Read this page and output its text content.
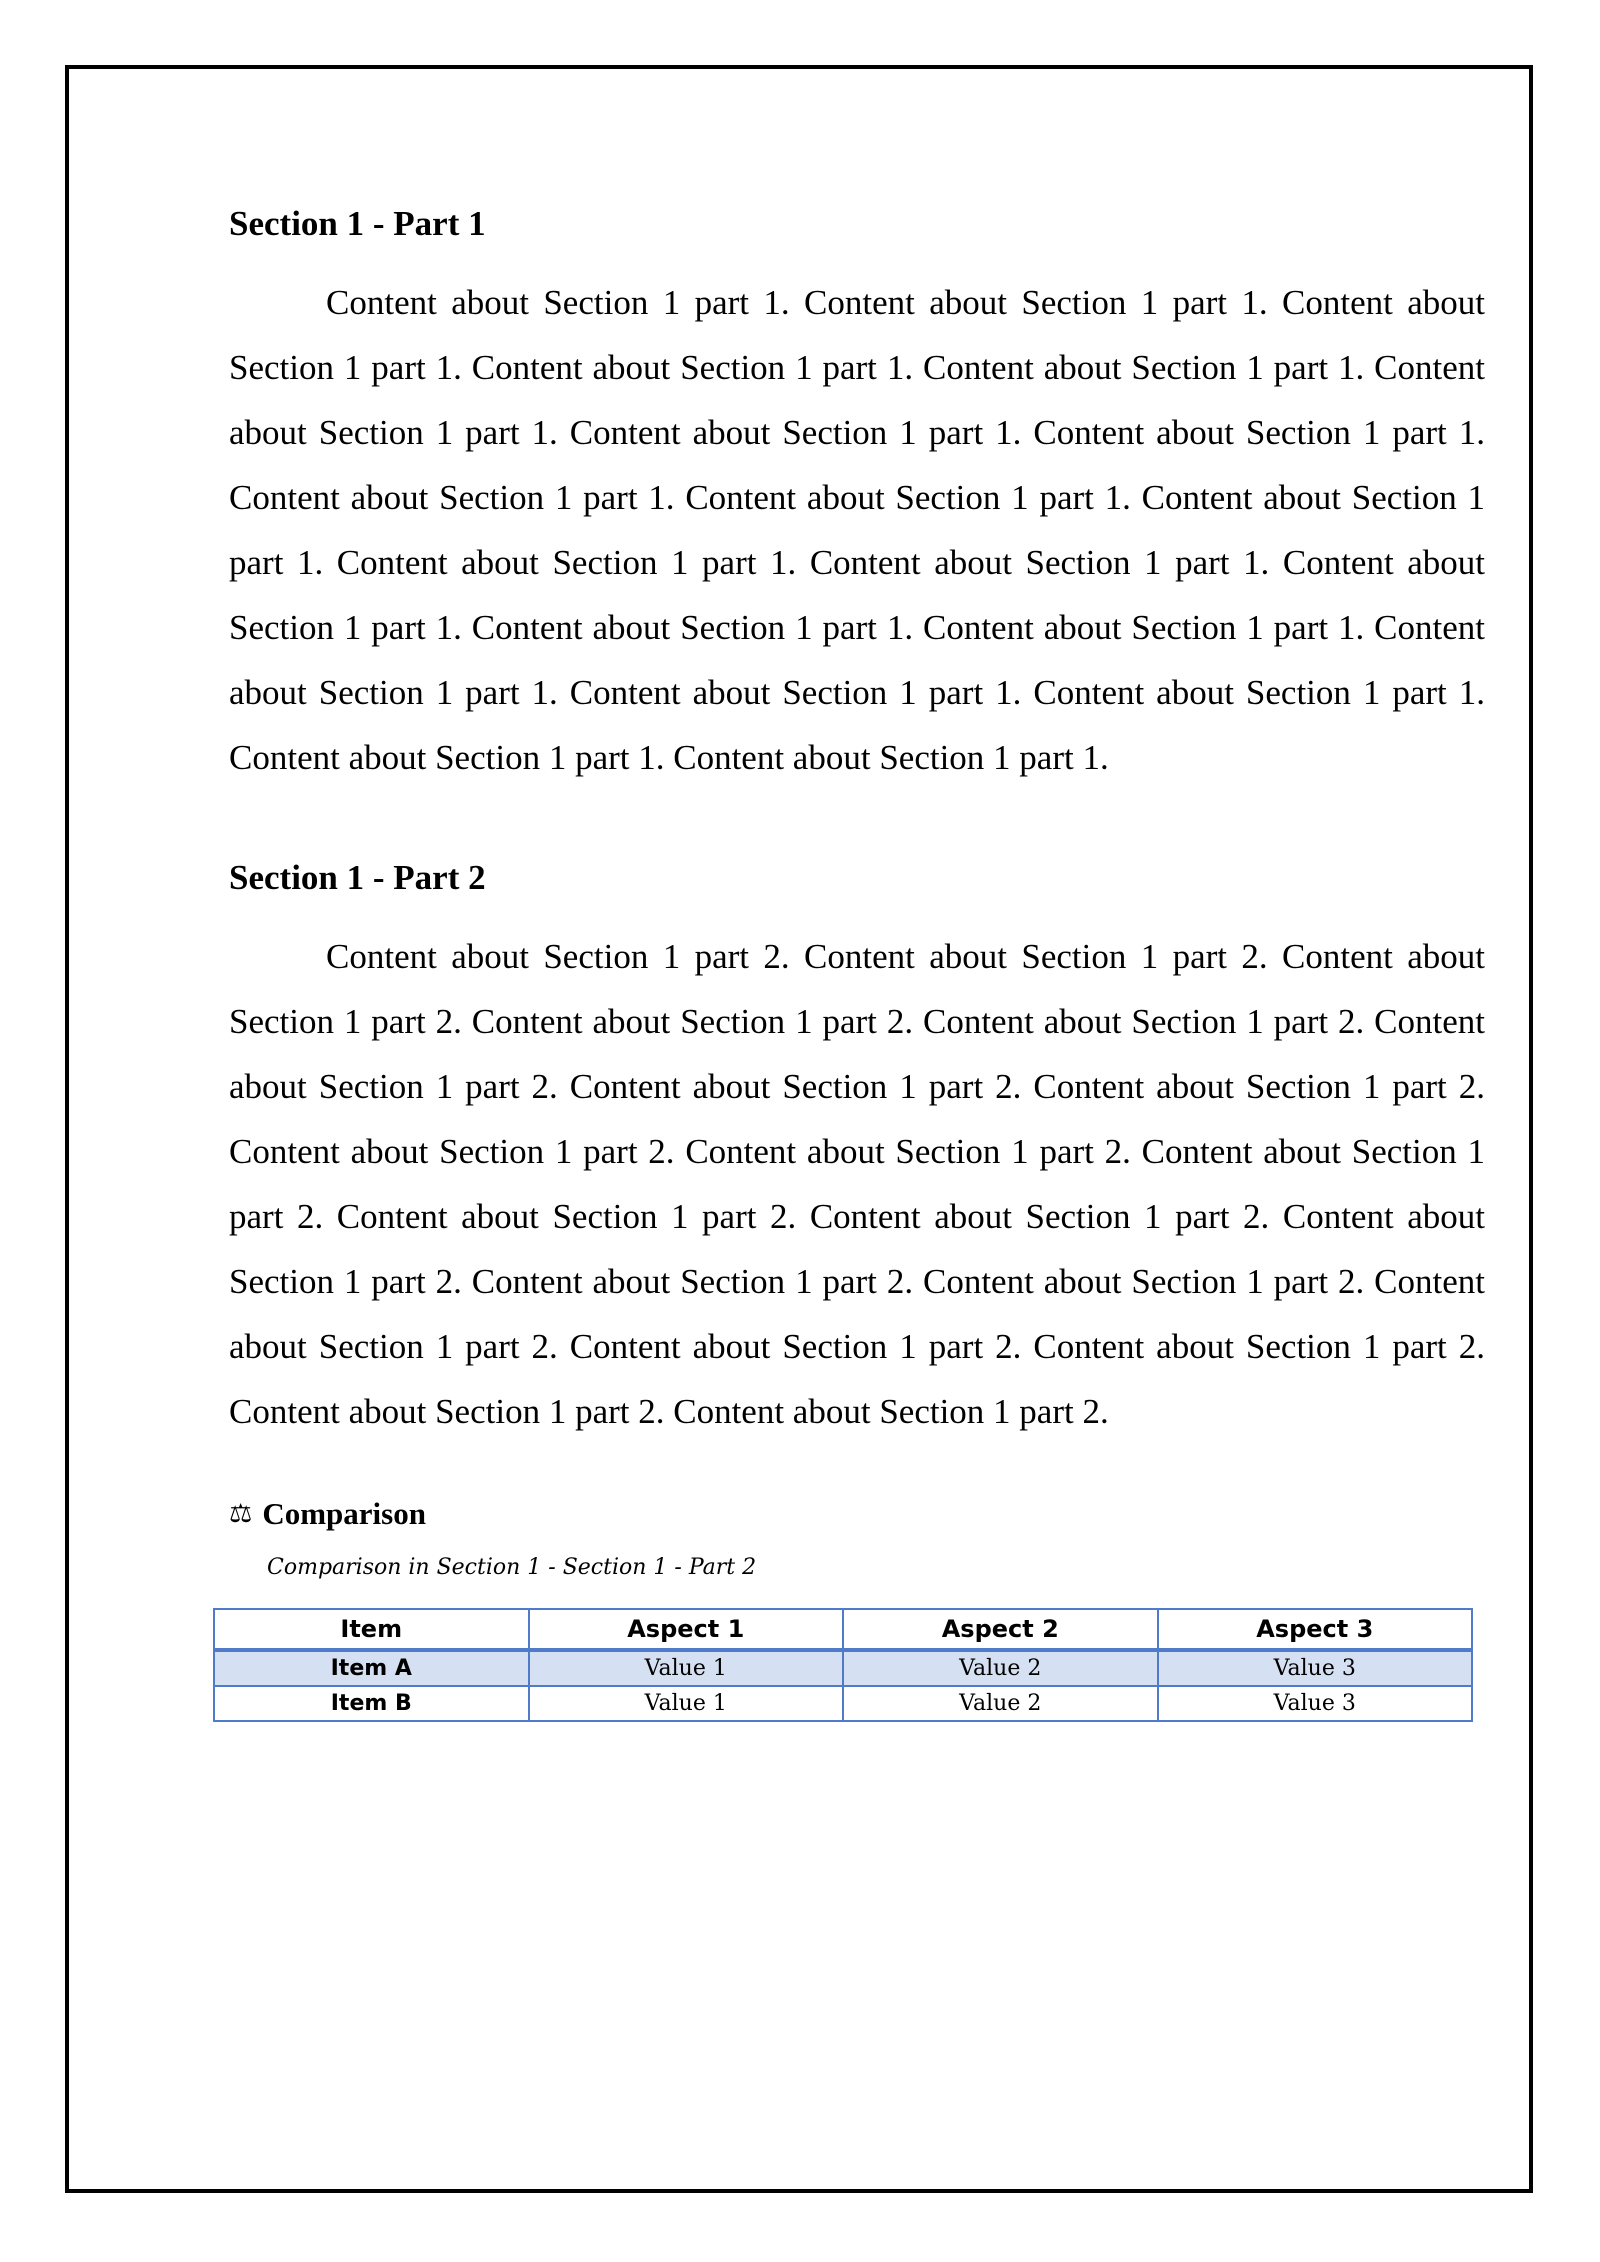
Section 1 - Part 1

Content about Section 1 part 1. Content about Section 1 part 1. Content about Section 1 part 1. Content about Section 1 part 1. Content about Section 1 part 1. Content about Section 1 part 1. Content about Section 1 part 1. Content about Section 1 part 1. Content about Section 1 part 1. Content about Section 1 part 1. Content about Section 1 part 1. Content about Section 1 part 1. Content about Section 1 part 1. Content about Section 1 part 1. Content about Section 1 part 1. Content about Section 1 part 1. Content about Section 1 part 1. Content about Section 1 part 1. Content about Section 1 part 1. Content about Section 1 part 1. Content about Section 1 part 1.

Section 1 - Part 2

Content about Section 1 part 2. Content about Section 1 part 2. Content about Section 1 part 2. Content about Section 1 part 2. Content about Section 1 part 2. Content about Section 1 part 2. Content about Section 1 part 2. Content about Section 1 part 2. Content about Section 1 part 2. Content about Section 1 part 2. Content about Section 1 part 2. Content about Section 1 part 2. Content about Section 1 part 2. Content about Section 1 part 2. Content about Section 1 part 2. Content about Section 1 part 2. Content about Section 1 part 2. Content about Section 1 part 2. Content about Section 1 part 2. Content about Section 1 part 2. Content about Section 1 part 2.

⚖ Comparison
Comparison in Section 1 - Section 1 - Part 2
Item	Aspect 1	Aspect 2	Aspect 3
Item A	Value 1	Value 2	Value 3
Item B	Value 1	Value 2	Value 3
